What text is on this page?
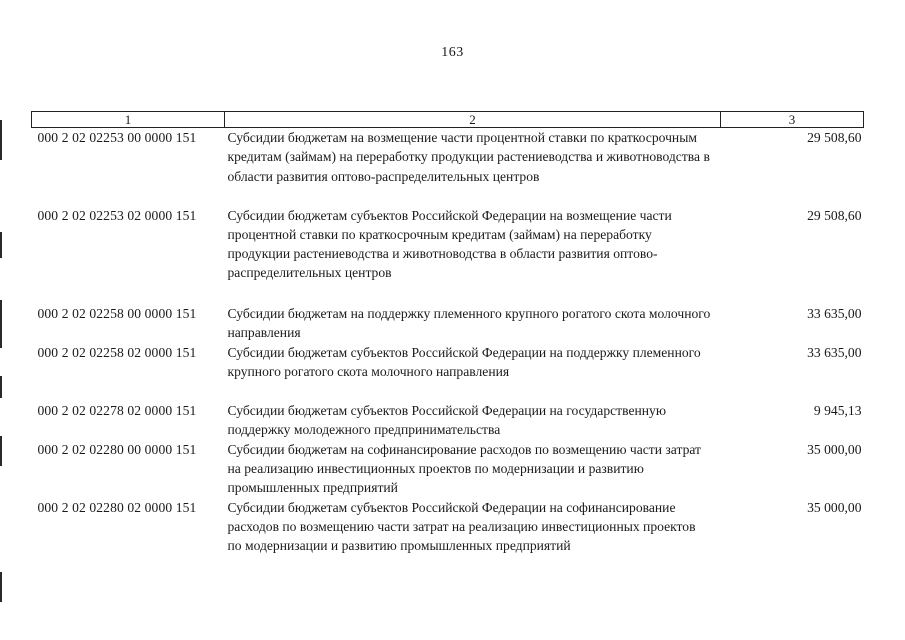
163
1	2	3
000 2 02 02253 00 0000 151	Субсидии бюджетам на возмещение части процентной ставки по краткосрочным кредитам (займам) на переработку продукции растениеводства и животноводства в области развития оптово-распределительных центров	29 508,60
000 2 02 02253 02 0000 151	Субсидии бюджетам субъектов Российской Федерации на возмещение части процентной ставки по краткосрочным кредитам (займам) на переработку продукции растениеводства и животноводства в области развития оптово-распределительных центров	29 508,60
000 2 02 02258 00 0000 151	Субсидии бюджетам на поддержку племенного крупного рогатого скота молочного направления	33 635,00
000 2 02 02258 02 0000 151	Субсидии бюджетам субъектов Российской Федерации на поддержку племенного крупного рогатого скота молочного направления	33 635,00
000 2 02 02278 02 0000 151	Субсидии бюджетам субъектов Российской Федерации на государственную поддержку молодежного предпринимательства	9 945,13
000 2 02 02280 00 0000 151	Субсидии бюджетам на софинансирование расходов по возмещению части затрат на реализацию инвестиционных проектов по модернизации и развитию промышленных предприятий	35 000,00
000 2 02 02280 02 0000 151	Субсидии бюджетам субъектов Российской Федерации на софинансирование расходов по возмещению части затрат на реализацию инвестиционных проектов по модернизации и развитию промышленных предприятий	35 000,00
